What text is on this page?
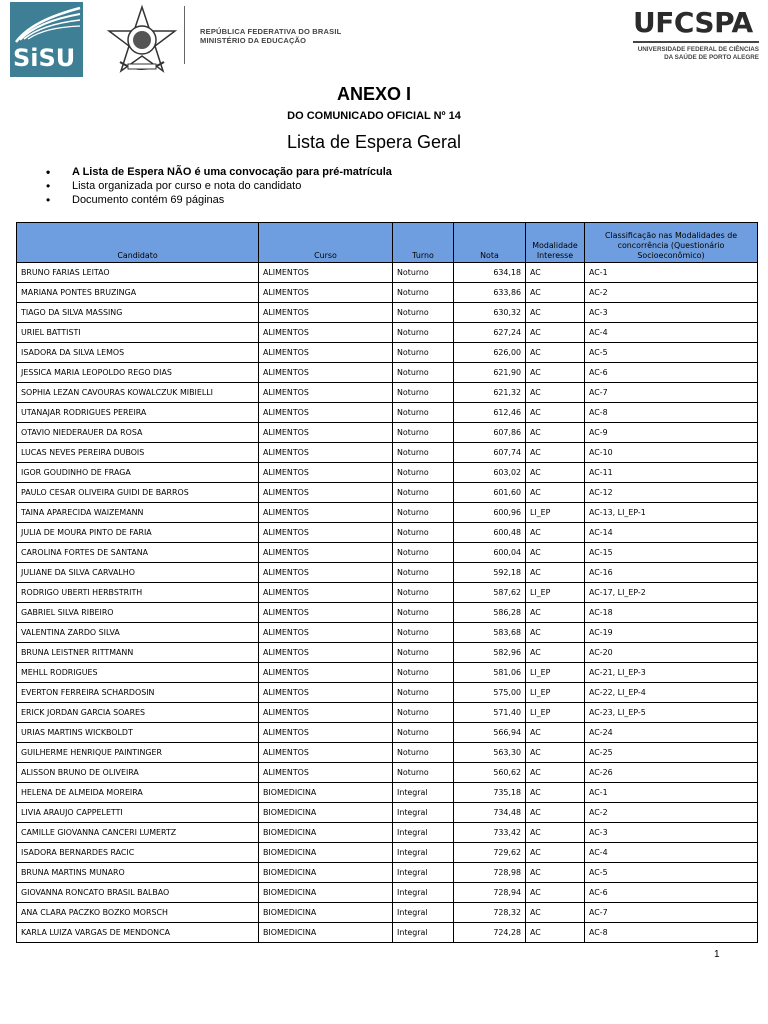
SiSU
REPÚBLICA FEDERATIVA DO BRASIL
MINISTÉRIO DA EDUCAÇÃO
UFCSPA
UNIVERSIDADE FEDERAL DE CIÊNCIAS
DA SAÚDE DE PORTO ALEGRE
ANEXO I
DO COMUNICADO OFICIAL Nº 14
Lista de Espera Geral
• A Lista de Espera NÃO é uma convocação para pré-matrícula
• Lista organizada por curso e nota do candidato
• Documento contém 69 páginas
Candidato	Curso	Turno	Nota	Modalidade Interesse	Classificação nas Modalidades de concorrência (Questionário Socioeconômico)
BRUNO FARIAS LEITAO	ALIMENTOS	Noturno	634,18	AC	AC-1
MARIANA PONTES BRUZINGA	ALIMENTOS	Noturno	633,86	AC	AC-2
TIAGO DA SILVA MASSING	ALIMENTOS	Noturno	630,32	AC	AC-3
URIEL BATTISTI	ALIMENTOS	Noturno	627,24	AC	AC-4
ISADORA DA SILVA LEMOS	ALIMENTOS	Noturno	626,00	AC	AC-5
JESSICA MARIA LEOPOLDO REGO DIAS	ALIMENTOS	Noturno	621,90	AC	AC-6
SOPHIA LEZAN CAVOURAS KOWALCZUK MIBIELLI	ALIMENTOS	Noturno	621,32	AC	AC-7
UTANAJAR RODRIGUES PEREIRA	ALIMENTOS	Noturno	612,46	AC	AC-8
OTAVIO NIEDERAUER DA ROSA	ALIMENTOS	Noturno	607,86	AC	AC-9
LUCAS NEVES PEREIRA DUBOIS	ALIMENTOS	Noturno	607,74	AC	AC-10
IGOR GOUDINHO DE FRAGA	ALIMENTOS	Noturno	603,02	AC	AC-11
PAULO CESAR OLIVEIRA GUIDI DE BARROS	ALIMENTOS	Noturno	601,60	AC	AC-12
TAINA APARECIDA WAIZEMANN	ALIMENTOS	Noturno	600,96	LI_EP	AC-13, LI_EP-1
JULIA DE MOURA PINTO DE FARIA	ALIMENTOS	Noturno	600,48	AC	AC-14
CAROLINA FORTES DE SANTANA	ALIMENTOS	Noturno	600,04	AC	AC-15
JULIANE DA SILVA CARVALHO	ALIMENTOS	Noturno	592,18	AC	AC-16
RODRIGO UBERTI HERBSTRITH	ALIMENTOS	Noturno	587,62	LI_EP	AC-17, LI_EP-2
GABRIEL SILVA RIBEIRO	ALIMENTOS	Noturno	586,28	AC	AC-18
VALENTINA ZARDO SILVA	ALIMENTOS	Noturno	583,68	AC	AC-19
BRUNA LEISTNER RITTMANN	ALIMENTOS	Noturno	582,96	AC	AC-20
MEHLL RODRIGUES	ALIMENTOS	Noturno	581,06	LI_EP	AC-21, LI_EP-3
EVERTON FERREIRA SCHARDOSIN	ALIMENTOS	Noturno	575,00	LI_EP	AC-22, LI_EP-4
ERICK JORDAN GARCIA SOARES	ALIMENTOS	Noturno	571,40	LI_EP	AC-23, LI_EP-5
URIAS MARTINS WICKBOLDT	ALIMENTOS	Noturno	566,94	AC	AC-24
GUILHERME HENRIQUE PAINTINGER	ALIMENTOS	Noturno	563,30	AC	AC-25
ALISSON BRUNO DE OLIVEIRA	ALIMENTOS	Noturno	560,62	AC	AC-26
HELENA DE ALMEIDA MOREIRA	BIOMEDICINA	Integral	735,18	AC	AC-1
LIVIA ARAUJO CAPPELETTI	BIOMEDICINA	Integral	734,48	AC	AC-2
CAMILLE GIOVANNA CANCERI LUMERTZ	BIOMEDICINA	Integral	733,42	AC	AC-3
ISADORA BERNARDES RACIC	BIOMEDICINA	Integral	729,62	AC	AC-4
BRUNA MARTINS MUNARO	BIOMEDICINA	Integral	728,98	AC	AC-5
GIOVANNA RONCATO BRASIL BALBAO	BIOMEDICINA	Integral	728,94	AC	AC-6
ANA CLARA PACZKO BOZKO MORSCH	BIOMEDICINA	Integral	728,32	AC	AC-7
KARLA LUIZA VARGAS DE MENDONCA	BIOMEDICINA	Integral	724,28	AC	AC-8
1
